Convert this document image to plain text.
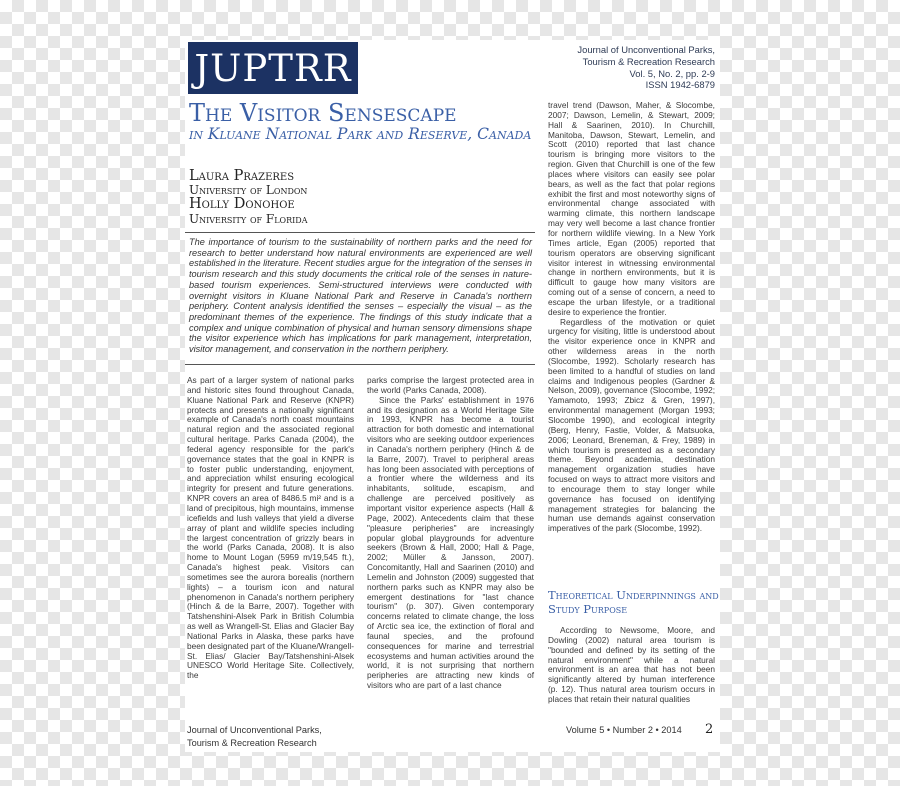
JUPTRR	Journal of Unconventional Parks,
Tourism & Recreation Research
Vol. 5, No. 2, pp. 2-9
ISSN 1942-6879
The Visitor Sensescape
in Kluane National Park and Reserve, Canada
Laura Prazeres
University of London
Holly Donohoe
University of Florida
The importance of tourism to the sustainability of northern parks and the need for research to better understand how natural environments are experienced are well established in the literature. Recent studies argue for the integration of the senses in tourism research and this study documents the critical role of the senses in nature-based tourism experiences. Semi-structured interviews were conducted with overnight visitors in Kluane National Park and Reserve in Canada's northern periphery. Content analysis identified the senses – especially the visual – as the predominant themes of the experience. The findings of this study indicate that a complex and unique combination of physical and human sensory dimensions shape the visitor experience which has implications for park management, interpretation, visitor management, and conservation in the northern periphery.

As part of a larger system of national parks and historic sites found throughout Canada, Kluane National Park and Reserve (KNPR) protects and presents a nationally significant example of Canada's north coast mountains natural region and the associated regional cultural heritage. Parks Canada (2004), the federal agency responsible for the park's governance states that the goal in KNPR is to foster public understanding, enjoyment, and appreciation whilst ensuring ecological integrity for present and future generations. KNPR covers an area of 8486.5 mi² and is a land of precipitous, high mountains, immense icefields and lush valleys that yield a diverse array of plant and wildlife species including the largest concentration of grizzly bears in the world (Parks Canada, 2008). It is also home to Mount Logan (5959 m/19,545 ft.), Canada's highest peak. Visitors can sometimes see the aurora borealis (northern lights) – a tourism icon and natural phenomenon in Canada's northern periphery (Hinch & de la Barre, 2007). Together with Tatshenshini-Alsek Park in British Columbia as well as Wrangell-St. Elias and Glacier Bay National Parks in Alaska, these parks have been designated part of the Kluane/Wrangell-St. Elias/ Glacier Bay/Tatshenshini-Alsek UNESCO World Heritage Site. Collectively, the

parks comprise the largest protected area in the world (Parks Canada, 2008).

Since the Parks' establishment in 1976 and its designation as a World Heritage Site in 1993, KNPR has become a tourist attraction for both domestic and international visitors who are seeking outdoor experiences in Canada's northern periphery (Hinch & de la Barre, 2007). Travel to peripheral areas has long been associated with perceptions of a frontier where the wilderness and its inhabitants, solitude, escapism, and challenge are perceived positively as important visitor experience aspects (Hall & Page, 2002). Antecedents claim that these "pleasure peripheries" are increasingly popular global playgrounds for adventure seekers (Brown & Hall, 2000; Hall & Page, 2002; Müller & Jansson, 2007). Concomitantly, Hall and Saarinen (2010) and Lemelin and Johnston (2009) suggested that northern parks such as KNPR may also be emergent destinations for "last chance tourism" (p. 307). Given contemporary concerns related to climate change, the loss of Arctic sea ice, the extinction of floral and faunal species, and the profound consequences for marine and terrestrial ecosystems and human activities around the world, it is not surprising that northern peripheries are attracting new kinds of visitors who are part of a last chance

travel trend (Dawson, Maher, & Slocombe, 2007; Dawson, Lemelin, & Stewart, 2009; Hall & Saarinen, 2010). In Churchill, Manitoba, Dawson, Stewart, Lemelin, and Scott (2010) reported that last chance tourism is bringing more visitors to the region. Given that Churchill is one of the few places where visitors can easily see polar bears, as well as the fact that polar regions exhibit the first and most noteworthy signs of environmental change associated with warming climate, this northern landscape may very well become a last chance frontier for northern wildlife viewing. In a New York Times article, Egan (2005) reported that tourism operators are observing significant visitor interest in witnessing environmental change in northern environments, but it is difficult to gauge how many visitors are coming out of a sense of concern, a need to escape the urban lifestyle, or a traditional desire to experience the frontier.

Regardless of the motivation or quiet urgency for visiting, little is understood about the visitor experience once in KNPR and other wilderness areas in the north (Slocombe, 1992). Scholarly research has been limited to a handful of studies on land claims and Indigenous peoples (Gardner & Nelson, 2009), governance (Slocombe, 1992; Yamamoto, 1993; Zbicz & Gren, 1997), environmental management (Morgan 1993; Slocombe 1990), and ecological integrity (Berg, Henry, Fastie, Volder, & Matsuoka, 2006; Leonard, Breneman, & Frey, 1989) in which tourism is presented as a secondary theme. Beyond academia, destination management organization studies have focused on ways to attract more visitors and to encourage them to stay longer while governance has focused on identifying management strategies for balancing the human use demands against conservation imperatives of the park (Slocombe, 1992).

Theoretical Underpinnings and Study Purpose

According to Newsome, Moore, and Dowling (2002) natural area tourism is "bounded and defined by its setting of the natural environment" while a natural environment is an area that has not been significantly altered by human interference (p. 12). Thus natural area tourism occurs in places that retain their natural qualities

Journal of Unconventional Parks,
Tourism & Recreation Research
Volume 5 • Number 2 • 2014 2
